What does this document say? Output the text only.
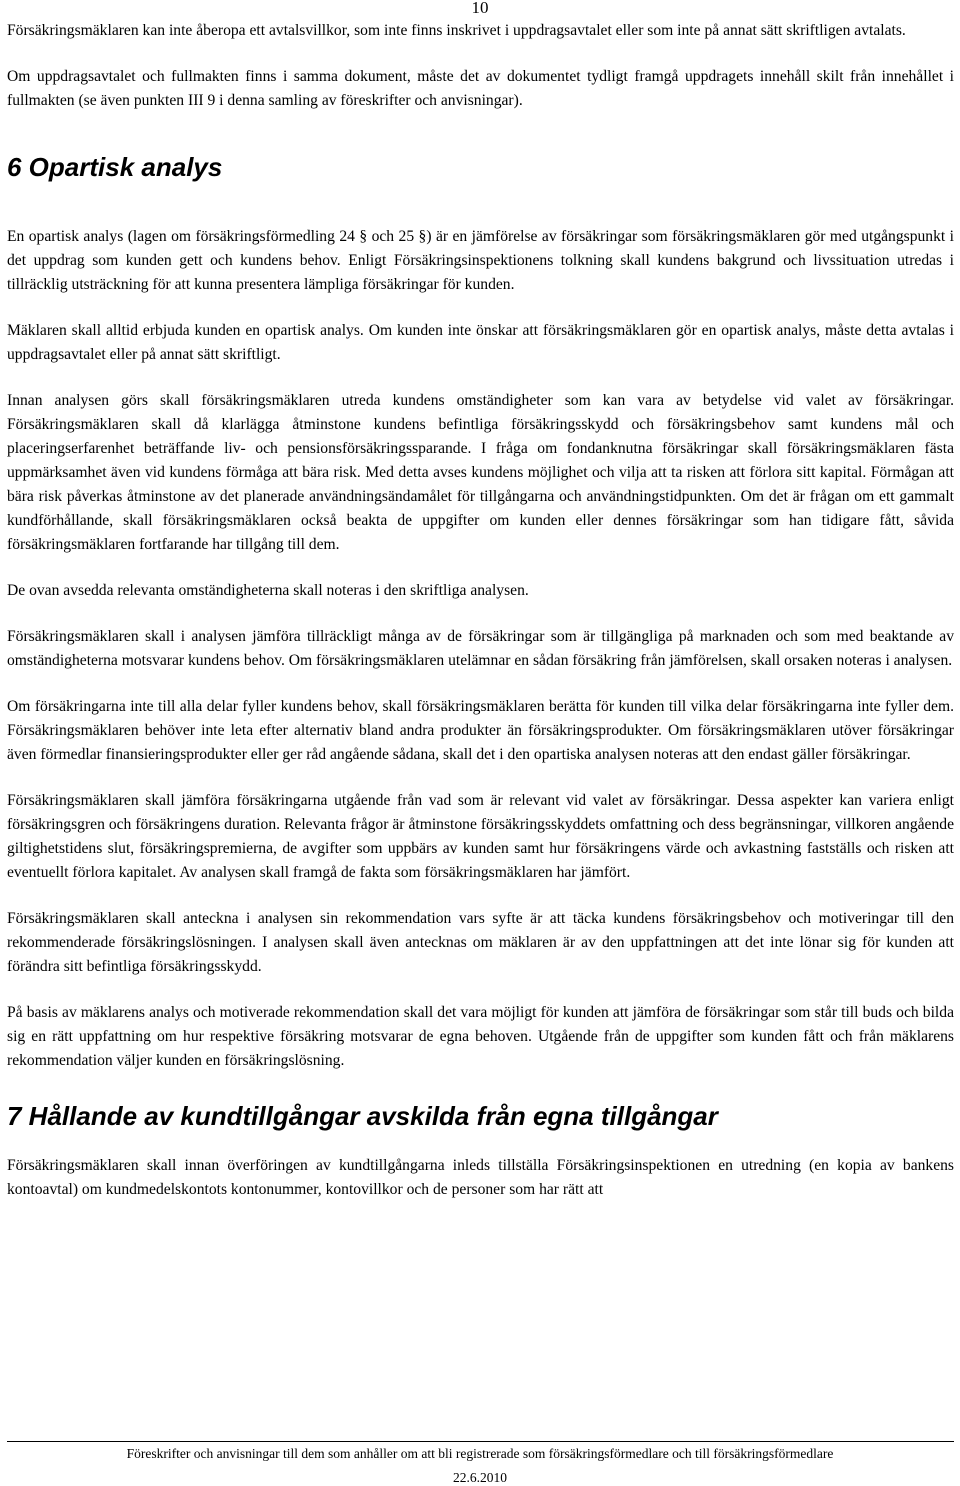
10

Försäkringsmäklaren kan inte åberopa ett avtalsvillkor, som inte finns inskrivet i uppdragsavtalet eller som inte på annat sätt skriftligen avtalats.

Om uppdragsavtalet och fullmakten finns i samma dokument, måste det av dokumentet tydligt framgå uppdragets innehåll skilt från innehållet i fullmakten (se även punkten III 9 i denna samling av föreskrifter och anvisningar).

6 Opartisk analys

En opartisk analys (lagen om försäkringsförmedling 24 § och 25 §) är en jämförelse av försäkringar som försäkringsmäklaren gör med utgångspunkt i det uppdrag som kunden gett och kundens behov. Enligt Försäkringsinspektionens tolkning skall kundens bakgrund och livssituation utredas i tillräcklig utsträckning för att kunna presentera lämpliga försäkringar för kunden.

Mäklaren skall alltid erbjuda kunden en opartisk analys. Om kunden inte önskar att försäkringsmäklaren gör en opartisk analys, måste detta avtalas i uppdragsavtalet eller på annat sätt skriftligt.

Innan analysen görs skall försäkringsmäklaren utreda kundens omständigheter som kan vara av betydelse vid valet av försäkringar. Försäkringsmäklaren skall då klarlägga åtminstone kundens befintliga försäkringsskydd och försäkringsbehov samt kundens mål och placeringserfarenhet beträffande liv- och pensionsförsäkringssparande. I fråga om fondanknutna försäkringar skall försäkringsmäklaren fästa uppmärksamhet även vid kundens förmåga att bära risk. Med detta avses kundens möjlighet och vilja att ta risken att förlora sitt kapital. Förmågan att bära risk påverkas åtminstone av det planerade användningsändamålet för tillgångarna och användningstidpunkten. Om det är frågan om ett gammalt kundförhållande, skall försäkringsmäklaren också beakta de uppgifter om kunden eller dennes försäkringar som han tidigare fått, såvida försäkringsmäklaren fortfarande har tillgång till dem.

De ovan avsedda relevanta omständigheterna skall noteras i den skriftliga analysen.

Försäkringsmäklaren skall i analysen jämföra tillräckligt många av de försäkringar som är tillgängliga på marknaden och som med beaktande av omständigheterna motsvarar kundens behov. Om försäkringsmäklaren utelämnar en sådan försäkring från jämförelsen, skall orsaken noteras i analysen.

Om försäkringarna inte till alla delar fyller kundens behov, skall försäkringsmäklaren berätta för kunden till vilka delar försäkringarna inte fyller dem. Försäkringsmäklaren behöver inte leta efter alternativ bland andra produkter än försäkringsprodukter. Om försäkringsmäklaren utöver försäkringar även förmedlar finansieringsprodukter eller ger råd angående sådana, skall det i den opartiska analysen noteras att den endast gäller försäkringar.

Försäkringsmäklaren skall jämföra försäkringarna utgående från vad som är relevant vid valet av försäkringar. Dessa aspekter kan variera enligt försäkringsgren och försäkringens duration. Relevanta frågor är åtminstone försäkringsskyddets omfattning och dess begränsningar, villkoren angående giltighetstidens slut, försäkringspremierna, de avgifter som uppbärs av kunden samt hur försäkringens värde och avkastning fastställs och risken att eventuellt förlora kapitalet. Av analysen skall framgå de fakta som försäkringsmäklaren har jämfört.

Försäkringsmäklaren skall anteckna i analysen sin rekommendation vars syfte är att täcka kundens försäkringsbehov och motiveringar till den rekommenderade försäkringslösningen. I analysen skall även antecknas om mäklaren är av den uppfattningen att det inte lönar sig för kunden att förändra sitt befintliga försäkringsskydd.

På basis av mäklarens analys och motiverade rekommendation skall det vara möjligt för kunden att jämföra de försäkringar som står till buds och bilda sig en rätt uppfattning om hur respektive försäkring motsvarar de egna behoven. Utgående från de uppgifter som kunden fått och från mäklarens rekommendation väljer kunden en försäkringslösning.

7 Hållande av kundtillgångar avskilda från egna tillgångar

Försäkringsmäklaren skall innan överföringen av kundtillgångarna inleds tillställa Försäkringsinspektionen en utredning (en kopia av bankens kontoavtal) om kundmedelskontots kontonummer, kontovillkor och de personer som har rätt att

Föreskrifter och anvisningar till dem som anhåller om att bli registrerade som försäkringsförmedlare och till försäkringsförmedlare
22.6.2010
